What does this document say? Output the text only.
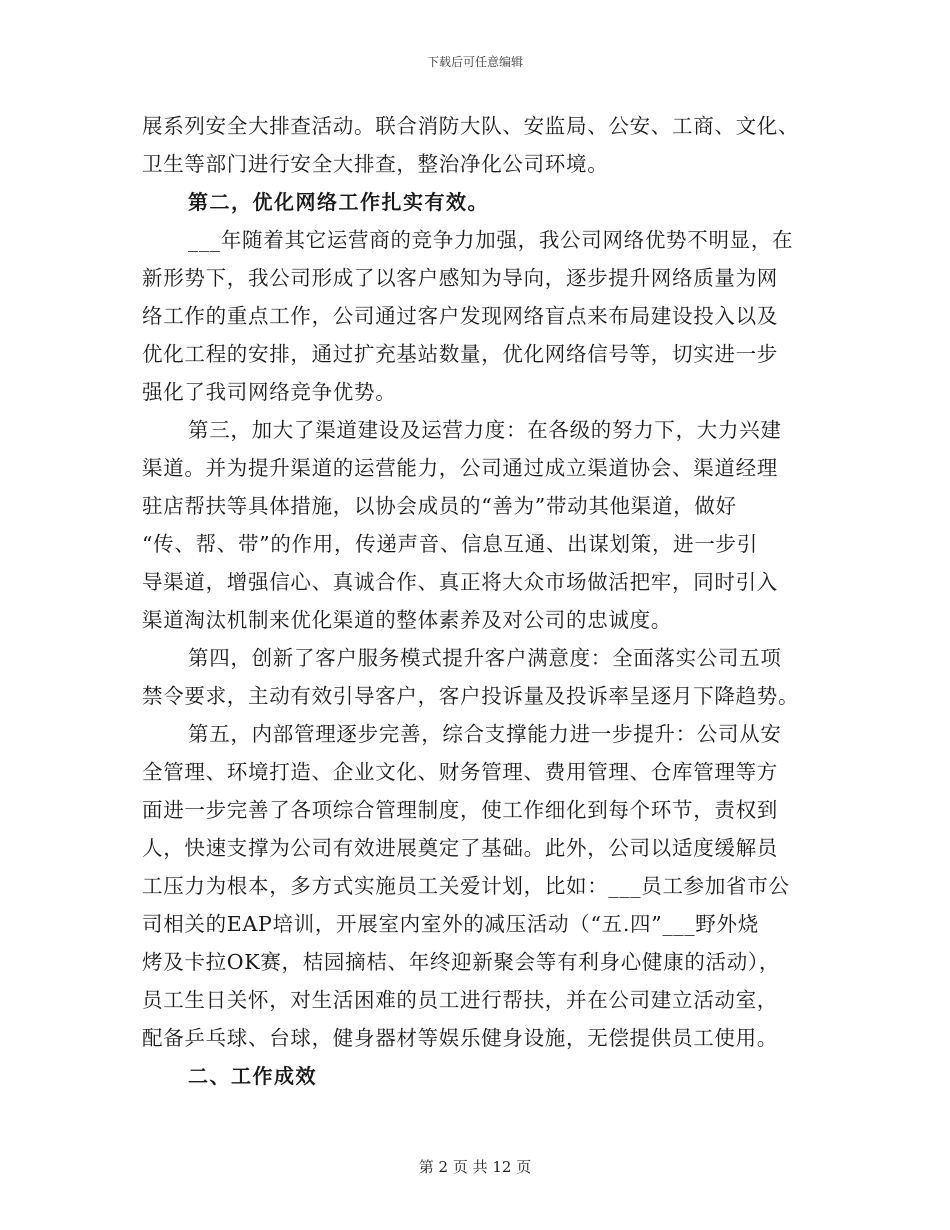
下载后可任意编辑
展系列安全大排查活动。联合消防大队、安监局、公安、工商、文化、
卫生等部门进行安全大排查，整治净化公司环境。
第二，优化网络工作扎实有效。
___年随着其它运营商的竞争力加强，我公司网络优势不明显，在
新形势下，我公司形成了以客户感知为导向，逐步提升网络质量为网
络工作的重点工作，公司通过客户发现网络盲点来布局建设投入以及
优化工程的安排，通过扩充基站数量，优化网络信号等，切实进一步
强化了我司网络竞争优势。
第三，加大了渠道建设及运营力度：在各级的努力下，大力兴建
渠道。并为提升渠道的运营能力，公司通过成立渠道协会、渠道经理
驻店帮扶等具体措施，以协会成员的“善为”带动其他渠道，做好
“传、帮、带”的作用，传递声音、信息互通、出谋划策，进一步引
导渠道，增强信心、真诚合作、真正将大众市场做活把牢，同时引入
渠道淘汰机制来优化渠道的整体素养及对公司的忠诚度。
第四，创新了客户服务模式提升客户满意度：全面落实公司五项
禁令要求，主动有效引导客户，客户投诉量及投诉率呈逐月下降趋势。
第五，内部管理逐步完善，综合支撑能力进一步提升：公司从安
全管理、环境打造、企业文化、财务管理、费用管理、仓库管理等方
面进一步完善了各项综合管理制度，使工作细化到每个环节，责权到
人，快速支撑为公司有效进展奠定了基础。此外，公司以适度缓解员
工压力为根本，多方式实施员工关爱计划，比如：___员工参加省市公
司相关的EAP培训，开展室内室外的减压活动（“五.四”___野外烧
烤及卡拉OK赛，桔园摘桔、年终迎新聚会等有利身心健康的活动），
员工生日关怀，对生活困难的员工进行帮扶，并在公司建立活动室，
配备乒乓球、台球，健身器材等娱乐健身设施，无偿提供员工使用。
二、工作成效
第 2 页 共 12 页
